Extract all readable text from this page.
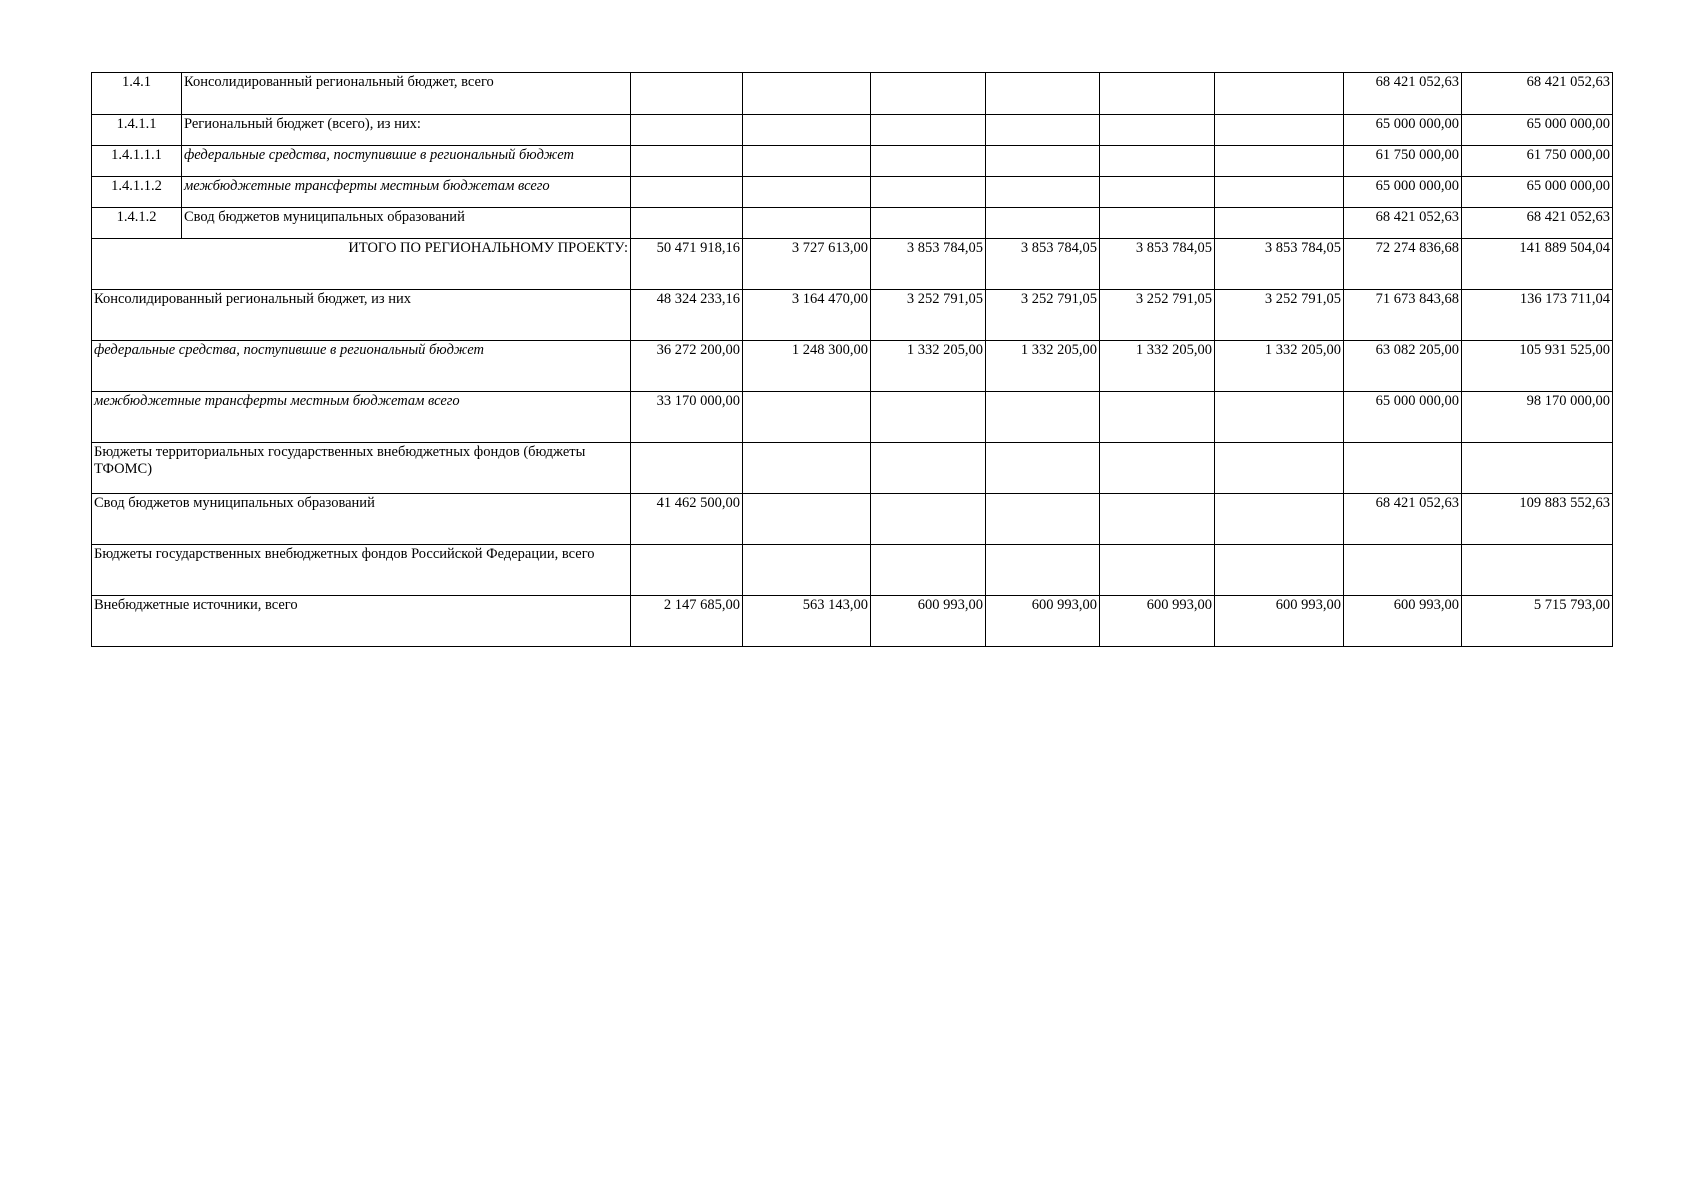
1.4.1	Консолидированный региональный бюджет, всего							68 421 052,63	68 421 052,63
1.4.1.1	Региональный бюджет (всего), из них:							65 000 000,00	65 000 000,00
1.4.1.1.1	федеральные средства, поступившие в региональный бюджет							61 750 000,00	61 750 000,00
1.4.1.1.2	межбюджетные трансферты местным бюджетам всего							65 000 000,00	65 000 000,00
1.4.1.2	Свод бюджетов муниципальных образований							68 421 052,63	68 421 052,63
ИТОГО ПО РЕГИОНАЛЬНОМУ ПРОЕКТУ:		50 471 918,16	3 727 613,00	3 853 784,05	3 853 784,05	3 853 784,05	3 853 784,05	72 274 836,68	141 889 504,04
Консолидированный региональный бюджет, из них		48 324 233,16	3 164 470,00	3 252 791,05	3 252 791,05	3 252 791,05	3 252 791,05	71 673 843,68	136 173 711,04
федеральные средства, поступившие в региональный бюджет		36 272 200,00	1 248 300,00	1 332 205,00	1 332 205,00	1 332 205,00	1 332 205,00	63 082 205,00	105 931 525,00
межбюджетные трансферты местным бюджетам всего		33 170 000,00						65 000 000,00	98 170 000,00
Бюджеты территориальных государственных внебюджетных фондов (бюджеты ТФОМС)									
Свод бюджетов муниципальных образований		41 462 500,00						68 421 052,63	109 883 552,63
Бюджеты государственных внебюджетных фондов Российской Федерации, всего									
Внебюджетные источники, всего		2 147 685,00	563 143,00	600 993,00	600 993,00	600 993,00	600 993,00	600 993,00	5 715 793,00
